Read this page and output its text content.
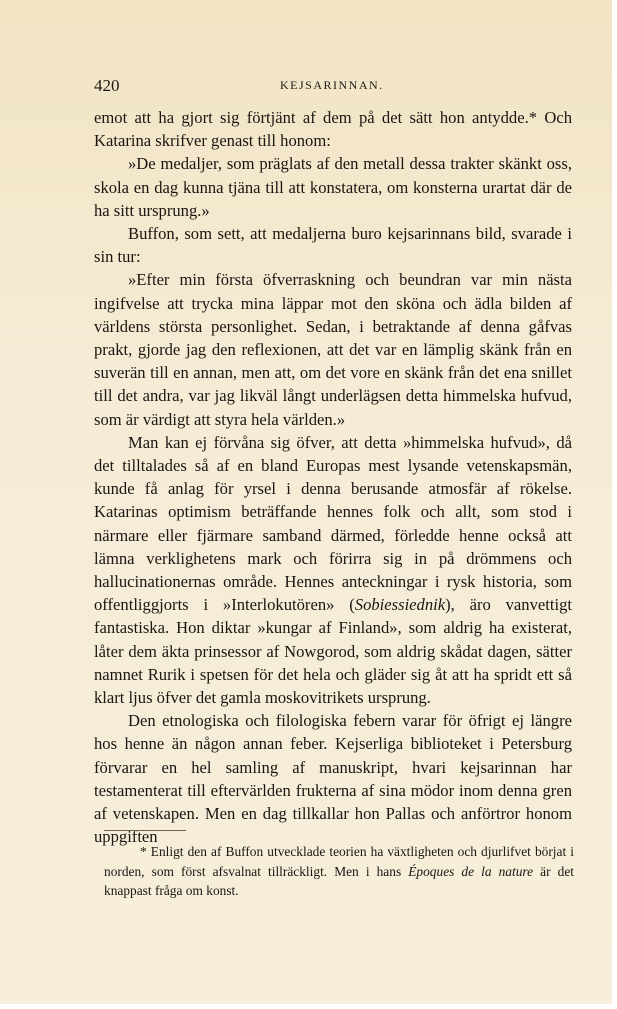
420	KEJSARINNAN.

emot att ha gjort sig förtjänt af dem på det sätt hon antydde.* Och Katarina skrifver genast till honom:

»De medaljer, som präglats af den metall dessa trakter skänkt oss, skola en dag kunna tjäna till att konstatera, om konsterna urartat där de ha sitt ursprung.»

Buffon, som sett, att medaljerna buro kejsarinnans bild, svarade i sin tur:

»Efter min första öfverraskning och beundran var min nästa ingifvelse att trycka mina läppar mot den sköna och ädla bilden af världens största personlighet. Sedan, i betraktande af denna gåfvas prakt, gjorde jag den reflexionen, att det var en lämplig skänk från en suverän till en annan, men att, om det vore en skänk från det ena snillet till det andra, var jag likväl långt underlägsen detta himmelska hufvud, som är värdigt att styra hela världen.»

Man kan ej förvåna sig öfver, att detta »himmelska hufvud», då det tilltalades så af en bland Europas mest lysande vetenskapsmän, kunde få anlag för yrsel i denna berusande atmosfär af rökelse. Katarinas optimism beträffande hennes folk och allt, som stod i närmare eller fjärmare samband därmed, förledde henne också att lämna verklighetens mark och förirra sig in på drömmens och hallucinationernas område. Hennes anteckningar i rysk historia, som offentliggjorts i »Interlokutören» (Sobiessiednik), äro vanvettigt fantastiska. Hon diktar »kungar af Finland», som aldrig ha existerat, låter dem äkta prinsessor af Nowgorod, som aldrig skådat dagen, sätter namnet Rurik i spetsen för det hela och gläder sig åt att ha spridt ett så klart ljus öfver det gamla moskovitrikets ursprung.

Den etnologiska och filologiska febern varar för öfrigt ej längre hos henne än någon annan feber. Kejserliga biblioteket i Petersburg förvarar en hel samling af manuskript, hvari kejsarinnan har testamenterat till eftervärlden frukterna af sina mödor inom denna gren af vetenskapen. Men en dag tillkallar hon Pallas och anförtror honom uppgiften

* Enligt den af Buffon utvecklade teorien ha växtligheten och djurlifvet börjat i norden, som först afsvalnat tillräckligt. Men i hans Époques de la nature är det knappast fråga om konst.
